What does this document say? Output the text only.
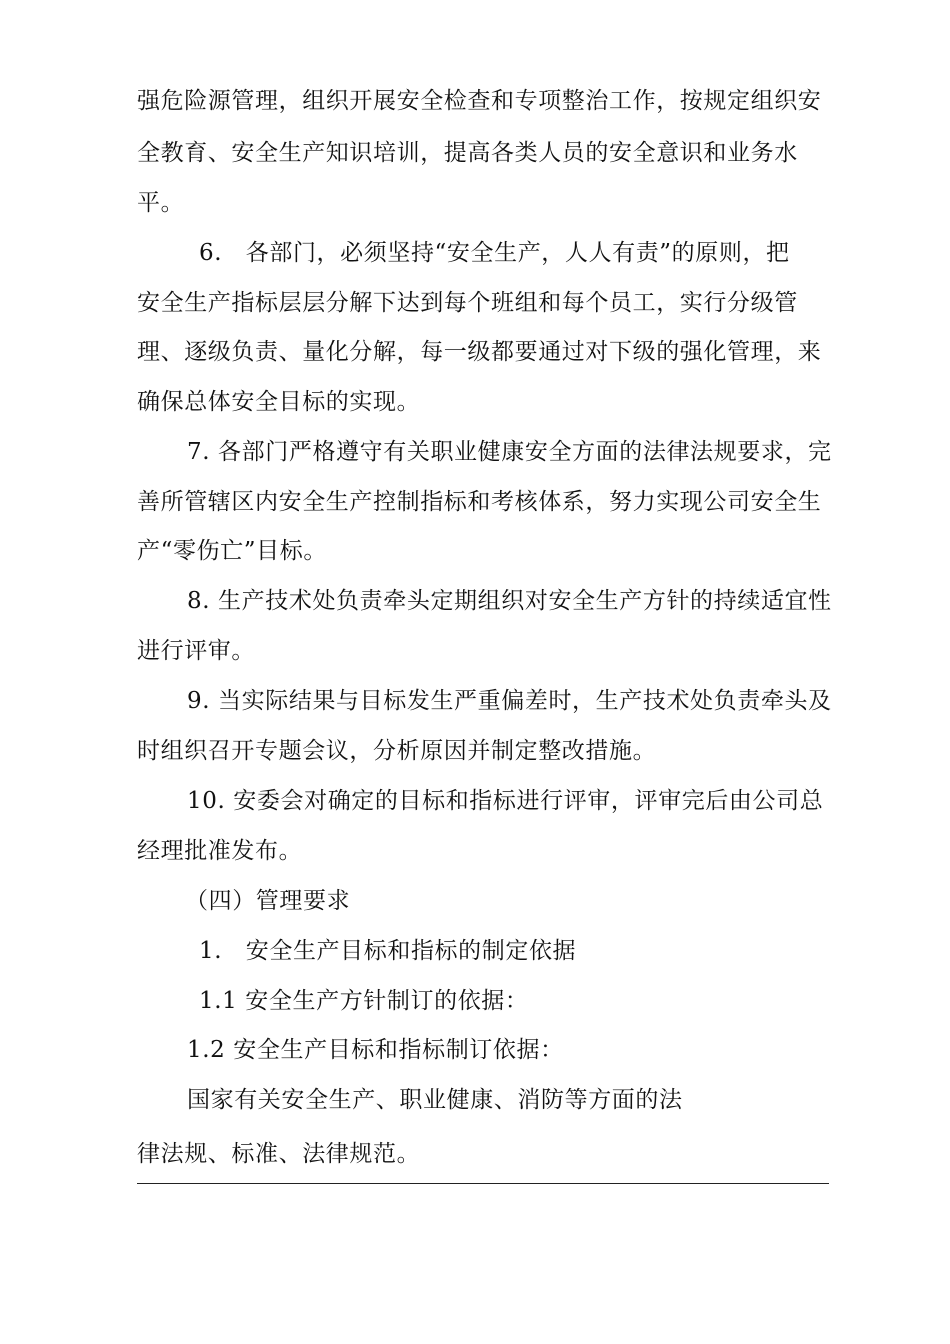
强危险源管理，组织开展安全检查和专项整治工作，按规定组织安
全教育、安全生产知识培训，提高各类人员的安全意识和业务水
平。
6.　各部门，必须坚持“安全生产，人人有责”的原则，把
安全生产指标层层分解下达到每个班组和每个员工，实行分级管
理、逐级负责、量化分解，每一级都要通过对下级的强化管理，来
确保总体安全目标的实现。
7. 各部门严格遵守有关职业健康安全方面的法律法规要求，完
善所管辖区内安全生产控制指标和考核体系，努力实现公司安全生
产“零伤亡”目标。
8. 生产技术处负责牵头定期组织对安全生产方针的持续适宜性
进行评审。
9. 当实际结果与目标发生严重偏差时，生产技术处负责牵头及
时组织召开专题会议，分析原因并制定整改措施。
10. 安委会对确定的目标和指标进行评审，评审完后由公司总
经理批准发布。
（四）管理要求
1.　安全生产目标和指标的制定依据
1.1 安全生产方针制订的依据：
1.2 安全生产目标和指标制订依据：
国家有关安全生产、职业健康、消防等方面的法
律法规、标准、法律规范。
